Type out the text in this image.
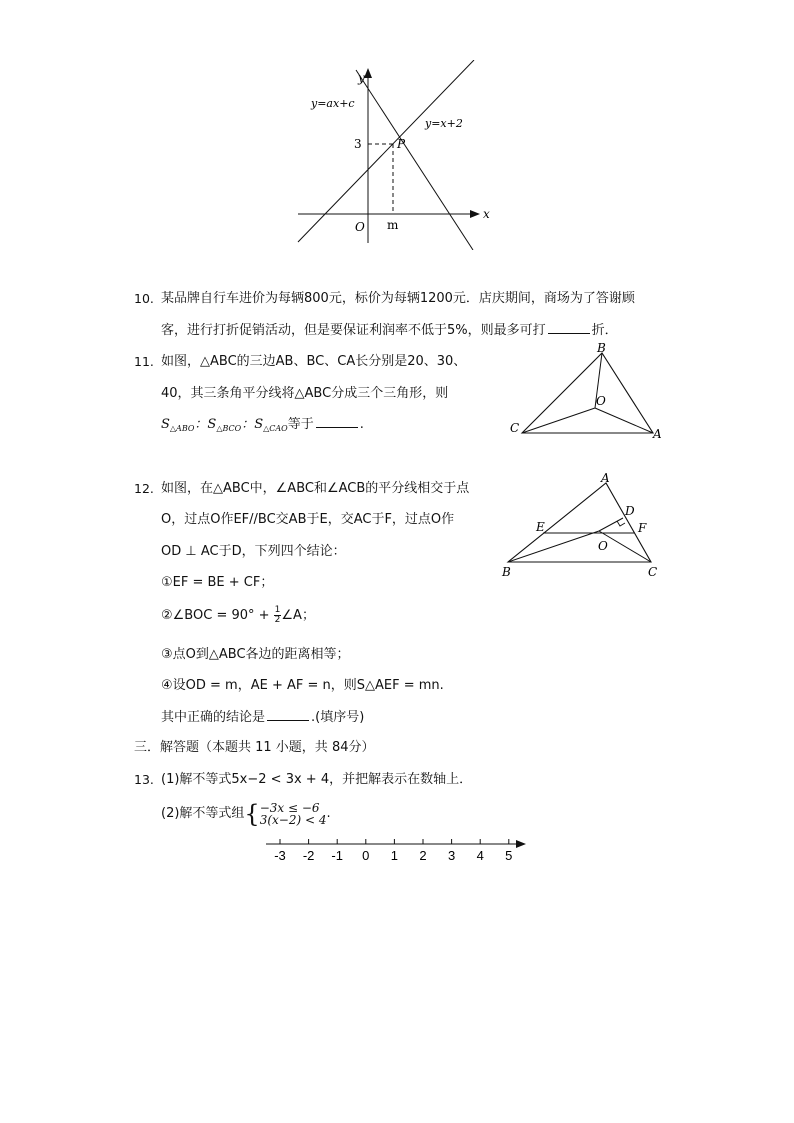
y
x
O
y=ax+c
y=x+2
3
m
P
10. 某品牌自行车进价为每辆800元，标价为每辆1200元．店庆期间，商场为了答谢顾
客，进行打折促销活动，但是要保证利润率不低于5%，则最多可打	折．
11. 如图，△ABC的三边AB、BC、CA长分别是20、30、
40，其三条角平分线将△ABC分成三个三角形，则
$S_{\triangle ABO}$：$S_{\triangle BCO}$：$S_{\triangle CAO}$等于	.
B
C	A
O
12. 如图，在△ABC中，∠ABC和∠ACB的平分线相交于点
O，过点O作EF//BC交AB于E，交AC于F，过点O作
OD ⊥ AC于D，下列四个结论：
①EF = BE + CF；
②∠BOC = $90^\circ + \frac{1}{2}$ ∠A；
③点O到△ABC各边的距离相等；
④设OD = m，AE + AF = n，则S△AEF = mn.
其中正确的结论是	.(填序号)
A
D
E	F
O
B	C
三．解答题（本题共 11 小题，共 84分）
13. (1)解不等式5x−2 < 3x + 4，并把解表示在数轴上．
(2)解不等式组{ −3x ≤ −6
3(x−2) < 4 .
-3 -2 -1 0 1 2 3 4 5
